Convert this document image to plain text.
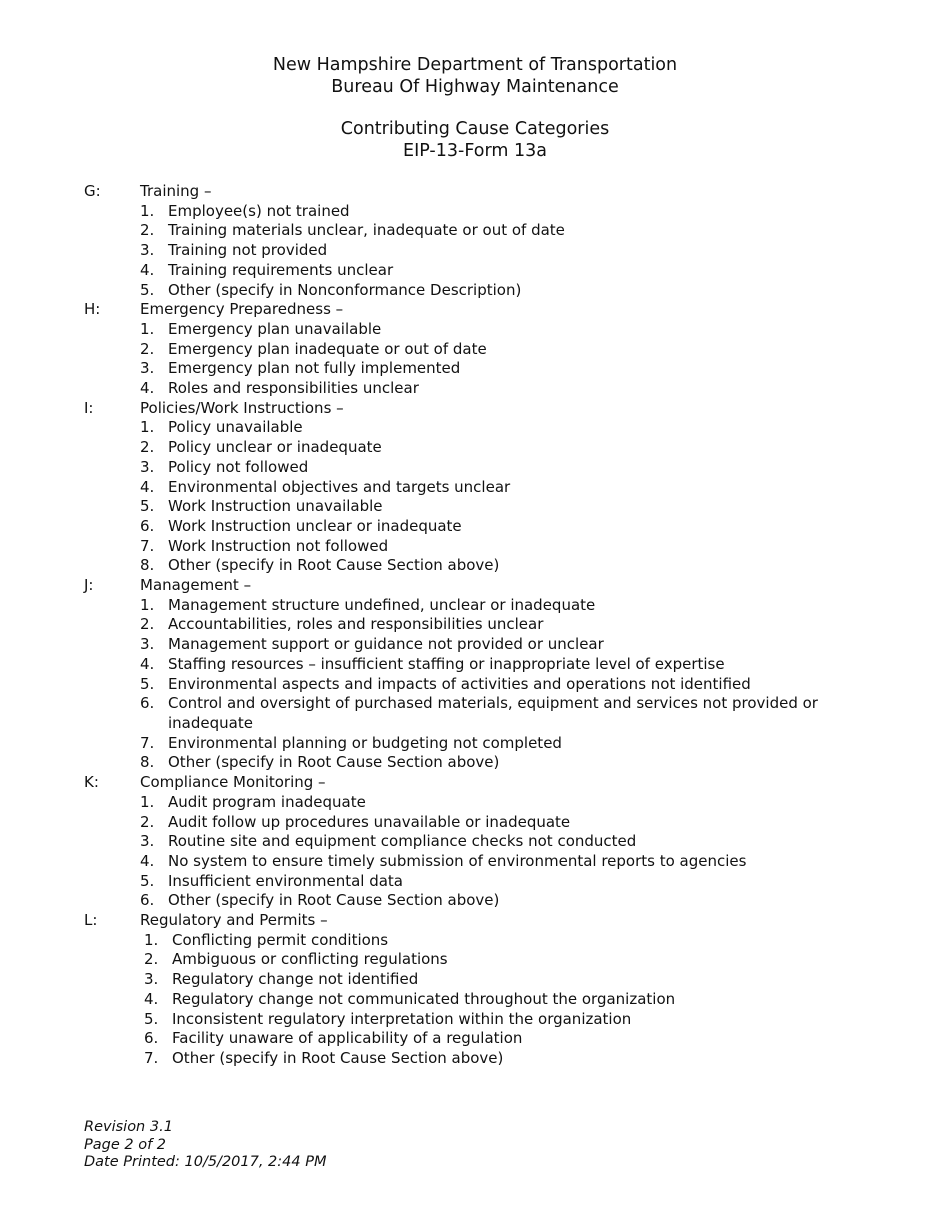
New Hampshire Department of Transportation
Bureau Of Highway Maintenance
Contributing Cause Categories
EIP-13-Form 13a
G:	Training –
1. Employee(s) not trained
2. Training materials unclear, inadequate or out of date
3. Training not provided
4. Training requirements unclear
5. Other (specify in Nonconformance Description)
H:	Emergency Preparedness –
1. Emergency plan unavailable
2. Emergency plan inadequate or out of date
3. Emergency plan not fully implemented
4. Roles and responsibilities unclear
I:	Policies/Work Instructions –
1. Policy unavailable
2. Policy unclear or inadequate
3. Policy not followed
4. Environmental objectives and targets unclear
5. Work Instruction unavailable
6. Work Instruction unclear or inadequate
7. Work Instruction not followed
8. Other (specify in Root Cause Section above)
J:	Management –
1. Management structure undefined, unclear or inadequate
2. Accountabilities, roles and responsibilities unclear
3. Management support or guidance not provided or unclear
4. Staffing resources – insufficient staffing or inappropriate level of expertise
5. Environmental aspects and impacts of activities and operations not identified
6. Control and oversight of purchased materials, equipment and services not provided or inadequate
7. Environmental planning or budgeting not completed
8. Other (specify in Root Cause Section above)
K:	Compliance Monitoring –
1. Audit program inadequate
2. Audit follow up procedures unavailable or inadequate
3. Routine site and equipment compliance checks not conducted
4. No system to ensure timely submission of environmental reports to agencies
5. Insufficient environmental data
6. Other (specify in Root Cause Section above)
L:	Regulatory and Permits –
1. Conflicting permit conditions
2. Ambiguous or conflicting regulations
3. Regulatory change not identified
4. Regulatory change not communicated throughout the organization
5. Inconsistent regulatory interpretation within the organization
6. Facility unaware of applicability of a regulation
7. Other (specify in Root Cause Section above)
Revision 3.1
Page 2 of 2
Date Printed: 10/5/2017, 2:44 PM
